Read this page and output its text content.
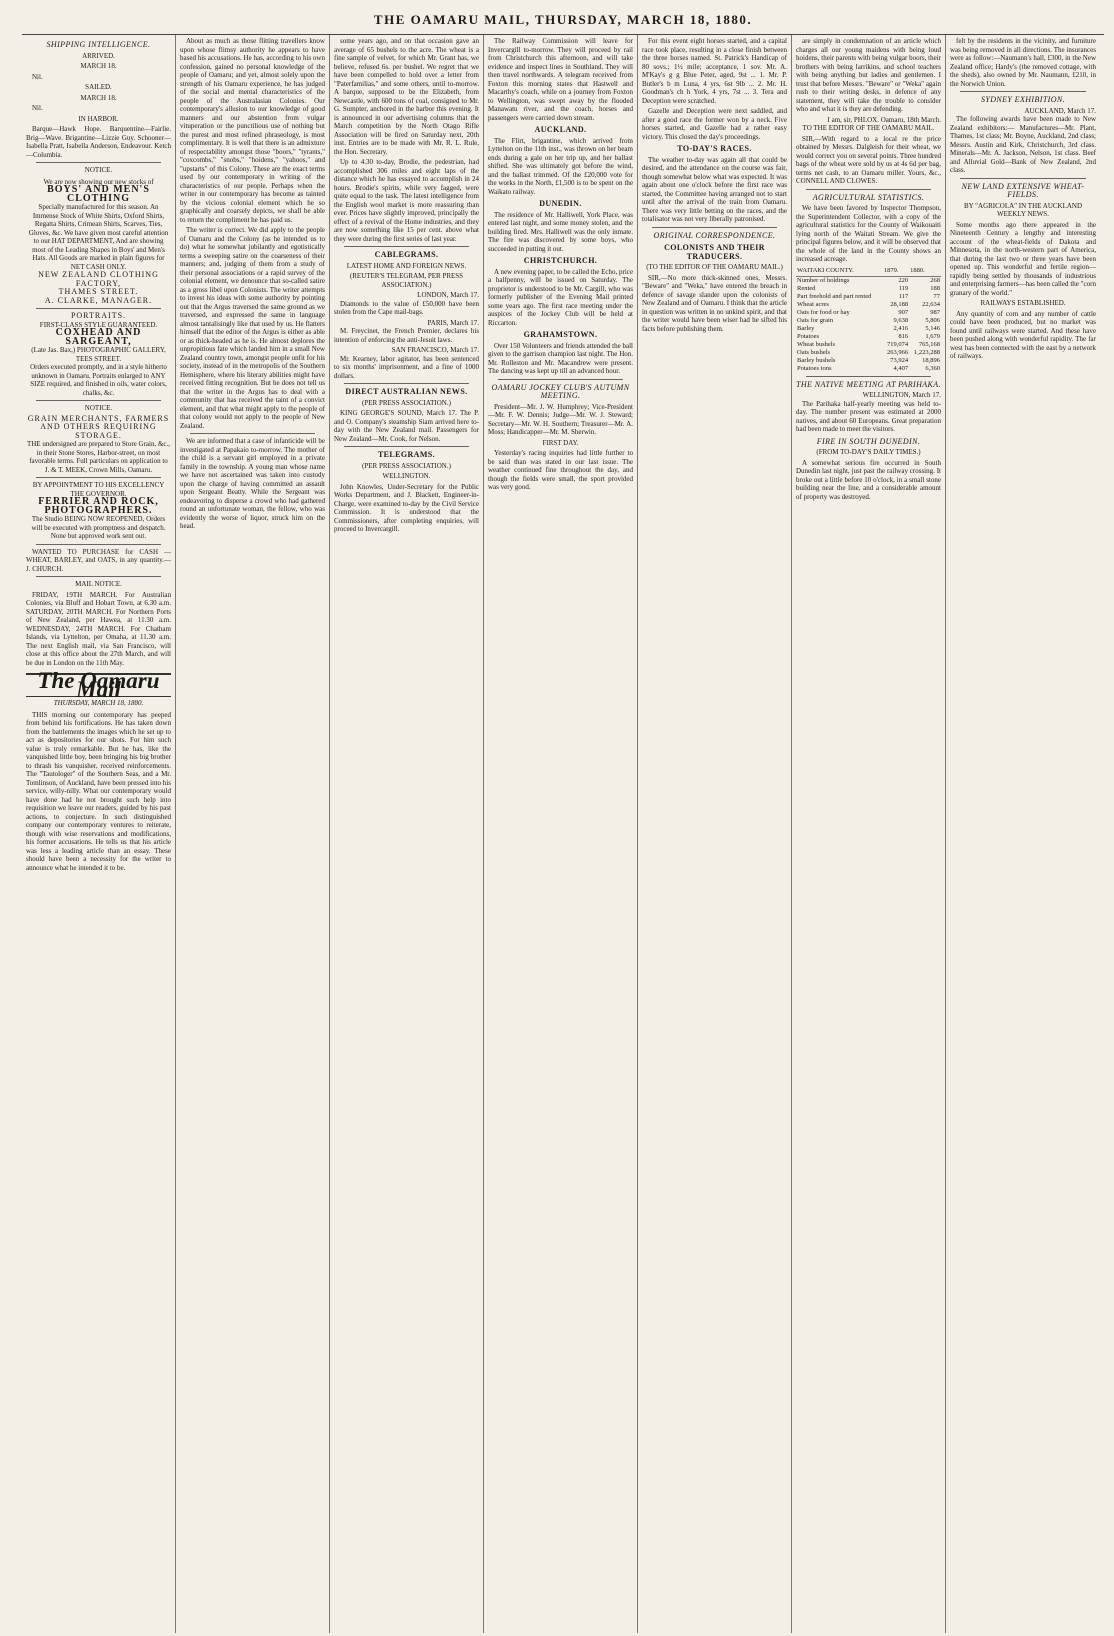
THE OAMARU MAIL, THURSDAY, MARCH 18, 1880.
SHIPPING INTELLIGENCE.
ARRIVED.
MARCH 18.

Nil.

SAILED.
MARCH 18.

Nil.

IN HARBOR.

Barque—Hawk Hope. Barquentine—Fairlie. Brig—Wave. Brigantine—Lizzie Guy. Schooner—Isabella Pratt, Isabella Anderson, Endeavour. Ketch—Columbia.

NOTICE.
We are now showing our new stocks of
BOYS' AND MEN'S CLOTHING
Specially manufactured for this season. An Immense Stock of White Shirts, Oxford Shirts, Regatta Shirts, Crimean Shirts, Scarves, Ties, Gloves, &c. We have given most careful attention to our HAT DEPARTMENT, And are showing most of the Leading Shapes in Boys' and Men's Hats. All Goods are marked in plain figures for NET CASH ONLY.
NEW ZEALAND CLOTHING FACTORY,
THAMES STREET.
A. CLARKE, MANAGER.
PORTRAITS.
FIRST-CLASS STYLE GUARANTEED.
COXHEAD AND SARGEANT,
(Late Jas. Bax,) PHOTOGRAPHIC GALLERY, TEES STREET.
Orders executed promptly, and in a style hitherto unknown in Oamaru. Portraits enlarged to ANY SIZE required, and finished in oils, water colors, chalks, &c.
NOTICE.
GRAIN MERCHANTS, FARMERS AND OTHERS REQUIRING STORAGE.
THE undersigned are prepared to Store Grain, &c., in their Stone Stores, Harbor-street, on most favorable terms. Full particulars on application to
J. & T. MEEK, Crown Mills, Oamaru.
BY APPOINTMENT TO HIS EXCELLENCY THE GOVERNOR.
FERRIER AND ROCK, PHOTOGRAPHERS.
The Studio BEING NOW REOPENED, Orders will be executed with promptness and despatch. None but approved work sent out.

WANTED TO PURCHASE for CASH —WHEAT, BARLEY, and OATS, in any quantity.—J. CHURCH.

MAIL NOTICE.

FRIDAY, 19TH MARCH. For Australian Colonies, via Bluff and Hobart Town, at 6.30 a.m. SATURDAY, 20TH MARCH. For Northern Ports of New Zealand, per Hawea, at 11.30 a.m. WEDNESDAY, 24TH MARCH. For Chatham Islands, via Lyttelton, per Omaha, at 11.30 a.m. The next English mail, via San Francisco, will close at this office about the 27th March, and will be due in London on the 11th May.

The Oamaru Mail
THURSDAY, MARCH 18, 1880.

THIS morning our contemporary has peeped from behind his fortifications. He has taken down from the battlements the images which he set up to act as depositories for our shots. For him such value is truly remarkable. But he has, like the vanquished little boy, been bringing his big brother to thrash his vanquisher, received reinforcements. The "Tautologer" of the Southern Seas, and a Mr. Tomlinson, of Auckland, have been pressed into his service, willy-nilly. What our contemporary would have done had he not brought such help into requisition we leave our readers, guided by his past actions, to conjecture. In such distinguished company our contemporary ventures to reiterate, though with wise reservations and modifications, his former accusations. He tells us that his article was less a leading article than an essay. These should have been a necessity for the writer to announce what he intended it to be.

About as much as those flitting travellers know upon whose flimsy authority he appears to have based his accusations. He has, according to his own confession, gained no personal knowledge of the people of Oamaru; and yet, almost solely upon the strength of his Oamaru experience, he has judged of the social and mental characteristics of the people of the Australasian Colonies. Our contemporary's allusion to our knowledge of good manners and our abstention from vulgar vituperation or the punctilious use of nothing but the purest and most refined phraseology, is most complimentary. It is well that there is an admixture of respectability amongst those "boors," "tyrants," "coxcombs," "snobs," "hoidens," "yahoos," and "upstarts" of this Colony. These are the exact terms used by our contemporary in writing of the characteristics of our people. Perhaps when the writer in our contemporary has become as tainted by the vicious colonial element which he so graphically and coarsely depicts, we shall be able to return the compliment he has paid us.

The writer is correct. We did apply to the people of Oamaru and the Colony (as he intended us to do) what he somewhat jubilantly and egotistically terms a sweeping satire on the coarseness of their manners; and, judging of them from a study of their personal associations or a rapid survey of the colonial element, we denounce that so-called satire as a gross libel upon Colonists. The writer attempts to invest his ideas with some authority by pointing out that the Argus traversed the same ground as we traversed, and expressed the same in language almost tantalisingly like that used by us. He flatters himself that the editor of the Argus is either as able or as thick-headed as he is. He almost deplores the unpropitious fate which landed him in a small New Zealand country town, amongst people unfit for his society, instead of in the metropolis of the Southern Hemisphere, where his literary abilities might have received fitting recognition. But he does not tell us that the writer in the Argus has to deal with a community that has received the taint of a convict element, and that what might apply to the people of that colony would not apply to the people of New Zealand.

We are informed that a case of infanticide will be investigated at Papakaio to-morrow. The mother of the child is a servant girl employed in a private family in the township. A young man whose name we have not ascertained was taken into custody upon the charge of having committed an assault upon Sergeant Beatty. While the Sergeant was endeavoring to disperse a crowd who had gathered round an unfortunate woman, the fellow, who was evidently the worse of liquor, struck him on the head.

some years ago, and on that occasion gave an average of 65 bushels to the acre. The wheat is a fine sample of velvet, for which Mr. Grant has, we believe, refused 6s. per bushel. We regret that we have been compelled to hold over a letter from "Paterfamilias," and some others, until to-morrow. A barque, supposed to be the Elizabeth, from Newcastle, with 600 tons of coal, consigned to Mr. G. Sumpter, anchored in the harbor this evening. It is announced in our advertising columns that the March competition by the North Otago Rifle Association will be fired on Saturday next, 20th inst. Entries are to be made with Mr. R. L. Rule, the Hon. Secretary.

Up to 4.30 to-day, Brodie, the pedestrian, had accomplished 306 miles and eight laps of the distance which he has essayed to accomplish in 24 hours. Brodie's spirits, while very fagged, were quite equal to the task. The latest intelligence from the English wool market is more reassuring than ever. Prices have slightly improved, principally the effect of a revival of the Home industries, and they are now something like 15 per cent. above what they were during the first series of last year.

CABLEGRAMS.
LATEST HOME AND FOREIGN NEWS.
(REUTER'S TELEGRAM, PER PRESS ASSOCIATION.)
LONDON, March 17.

Diamonds to the value of £50,000 have been stolen from the Cape mail-bags.

PARIS, March 17.

M. Freycinet, the French Premier, declares his intention of enforcing the anti-Jesuit laws.

SAN FRANCISCO, March 17.

Mr. Kearney, labor agitator, has been sentenced to six months' imprisonment, and a fine of 1000 dollars.

DIRECT AUSTRALIAN NEWS.
(PER PRESS ASSOCIATION.)

KING GEORGE'S SOUND, March 17. The P. and O. Company's steamship Siam arrived here to-day with the New Zealand mail. Passengers for New Zealand—Mr. Cook, for Nelson.

TELEGRAMS.
(PER PRESS ASSOCIATION.)
WELLINGTON.

John Knowles, Under-Secretary for the Public Works Department, and J. Blackett, Engineer-in-Charge, were examined to-day by the Civil Service Commission. It is understood that the Commissioners, after completing enquiries, will proceed to Invercargill.

The Railway Commission will leave for Invercargill to-morrow. They will proceed by rail from Christchurch this afternoon, and will take evidence and inspect lines in Southland. They will then travel northwards. A telegram received from Foxton this morning states that Hastwell and Macarthy's coach, while on a journey from Foxton to Wellington, was swept away by the flooded Manawatu river, and the coach, horses and passengers were carried down stream.

AUCKLAND.

The Flirt, brigantine, which arrived from Lyttelton on the 11th inst., was thrown on her beam ends during a gale on her trip up, and her ballast shifted. She was ultimately got before the wind, and the ballast trimmed. Of the £20,000 vote for the works in the North, £1,500 is to be spent on the Waikato railway.

DUNEDIN.

The residence of Mr. Halliwell, York Place, was entered last night, and some money stolen, and the building fired. Mrs. Halliwell was the only inmate. The fire was discovered by some boys, who succeeded in putting it out.

CHRISTCHURCH.

A new evening paper, to be called the Echo, price a halfpenny, will be issued on Saturday. The proprietor is understood to be Mr. Cargill, who was formerly publisher of the Evening Mail printed some years ago. The first race meeting under the auspices of the Jockey Club will be held at Riccarton.

GRAHAMSTOWN.

Over 150 Volunteers and friends attended the ball given to the garrison champion last night. The Hon. Mr. Rolleston and Mr. Macandrew were present. The dancing was kept up till an advanced hour.

OAMARU JOCKEY CLUB'S AUTUMN MEETING.

President—Mr. J. W. Humphrey; Vice-President—Mr. F. W. Dennis; Judge—Mr. W. J. Steward; Secretary—Mr. W. H. Southern; Treasurer—Mr. A. Moss; Handicapper—Mr. M. Sherwin.

FIRST DAY.

Yesterday's racing inquiries had little further to be said than was stated in our last issue. The weather continued fine throughout the day, and though the fields were small, the sport provided was very good.

For this event eight horses started, and a capital race took place, resulting in a close finish between the three horses named. St. Patrick's Handicap of 80 sovs.; 1½ mile; acceptance, 1 sov. Mr. A. M'Kay's g g Blue Peter, aged, 9st ... 1. Mr. P. Butler's b m Luna, 4 yrs, 6st 9lb ... 2. Mr. H. Goodman's ch h York, 4 yrs, 7st ... 3. Tera and Deception were scratched.

Gazelle and Deception were next saddled, and after a good race the former won by a neck. Five horses started, and Gazelle had a rather easy victory. This closed the day's proceedings.

TO-DAY'S RACES.

The weather to-day was again all that could be desired, and the attendance on the course was fair, though somewhat below what was expected. It was again about one o'clock before the first race was started, the Committee having arranged not to start until after the arrival of the train from Oamaru. There was very little betting on the races, and the totalisator was not very liberally patronised.

ORIGINAL CORRESPONDENCE.
COLONISTS AND THEIR TRADUCERS.
(TO THE EDITOR OF THE OAMARU MAIL.)

SIR,—No more thick-skinned ones, Messrs. "Beware" and "Weka," have entered the breach in defence of savage slander upon the colonists of New Zealand and of Oamaru. I think that the article in question was written in no unkind spirit, and that the writer would have been wiser had he sifted his facts before publishing them.

are simply in condemnation of an article which charges all our young maidens with being loud hoidens, their parents with being vulgar boors, their brothers with being larrikins, and school teachers with being anything but ladies and gentlemen. I trust that before Messrs. "Beware" or "Weka" again rush to their writing desks, in defence of any statement, they will take the trouble to consider who and what it is they are defending.

I am, sir, PHLOX. Oamaru, 18th March.
TO THE EDITOR OF THE OAMARU MAIL.

SIR,—With regard to a local re the price obtained by Messrs. Dalgleish for their wheat, we would correct you on several points. Three hundred bags of the wheat were sold by us at 4s 6d per bag, terms net cash, to an Oamaru miller. Yours, &c., CONNELL AND CLOWES.

AGRICULTURAL STATISTICS.

We have been favored by Inspector Thompson, the Superintendent Collector, with a copy of the agricultural statistics for the County of Waikouaiti lying north of the Waitati Stream. We give the principal figures below, and it will be observed that the whole of the land in the County shows an increased acreage.

WAITAKI COUNTY.	1879.	1880.
Number of holdings	220	268
Rented	119	188
Part freehold and part rented	117	77
Wheat acres	28,188	22,634
Oats for food or hay	907	987
Oats for grain	9,638	5,806
Barley	2,416	5,146
Potatoes	816	1,679
Wheat bushels	719,074	765,168
Oats bushels	263,966	1,223,288
Barley bushels	73,924	18,896
Potatoes tons	4,407	6,360
THE NATIVE MEETING AT PARIHAKA.
WELLINGTON, March 17.

The Parihaka half-yearly meeting was held to-day. The number present was estimated at 2000 natives, and about 60 Europeans. Great preparation had been made to meet the visitors.

FIRE IN SOUTH DUNEDIN.
(FROM TO-DAY'S DAILY TIMES.)

A somewhat serious fire occurred in South Dunedin last night, just past the railway crossing. It broke out a little before 10 o'clock, in a small stone building near the line, and a considerable amount of property was destroyed.

felt by the residents in the vicinity, and furniture was being removed in all directions. The insurances were as follow:—Naumann's hall, £300, in the New Zealand office; Hardy's (the removed cottage, with the sheds), also owned by Mr. Naumann, £210, in the Norwich Union.

SYDNEY EXHIBITION.
AUCKLAND, March 17.

The following awards have been made to New Zealand exhibitors:— Manufactures—Mr. Plant, Thames, 1st class; Mr. Boyne, Auckland, 2nd class; Messrs. Austin and Kirk, Christchurch, 3rd class. Minerals—Mr. A. Jackson, Nelson, 1st class. Beef and Alluvial Gold—Bank of New Zealand, 2nd class.

NEW LAND EXTENSIVE WHEAT-FIELDS.
BY "AGRICOLA" IN THE AUCKLAND WEEKLY NEWS.

Some months ago there appeared in the Nineteenth Century a lengthy and interesting account of the wheat-fields of Dakota and Minnesota, in the north-western part of America, that during the last two or three years have been opened up. This wonderful and fertile region—rapidly being settled by thousands of industrious and enterprising farmers—has been called the "corn granary of the world."

RAILWAYS ESTABLISHED.

Any quantity of corn and any number of cattle could have been produced, but no market was found until railways were started. And these have been pushed along with wonderful rapidity. The far west has been connected with the east by a network of railways.
